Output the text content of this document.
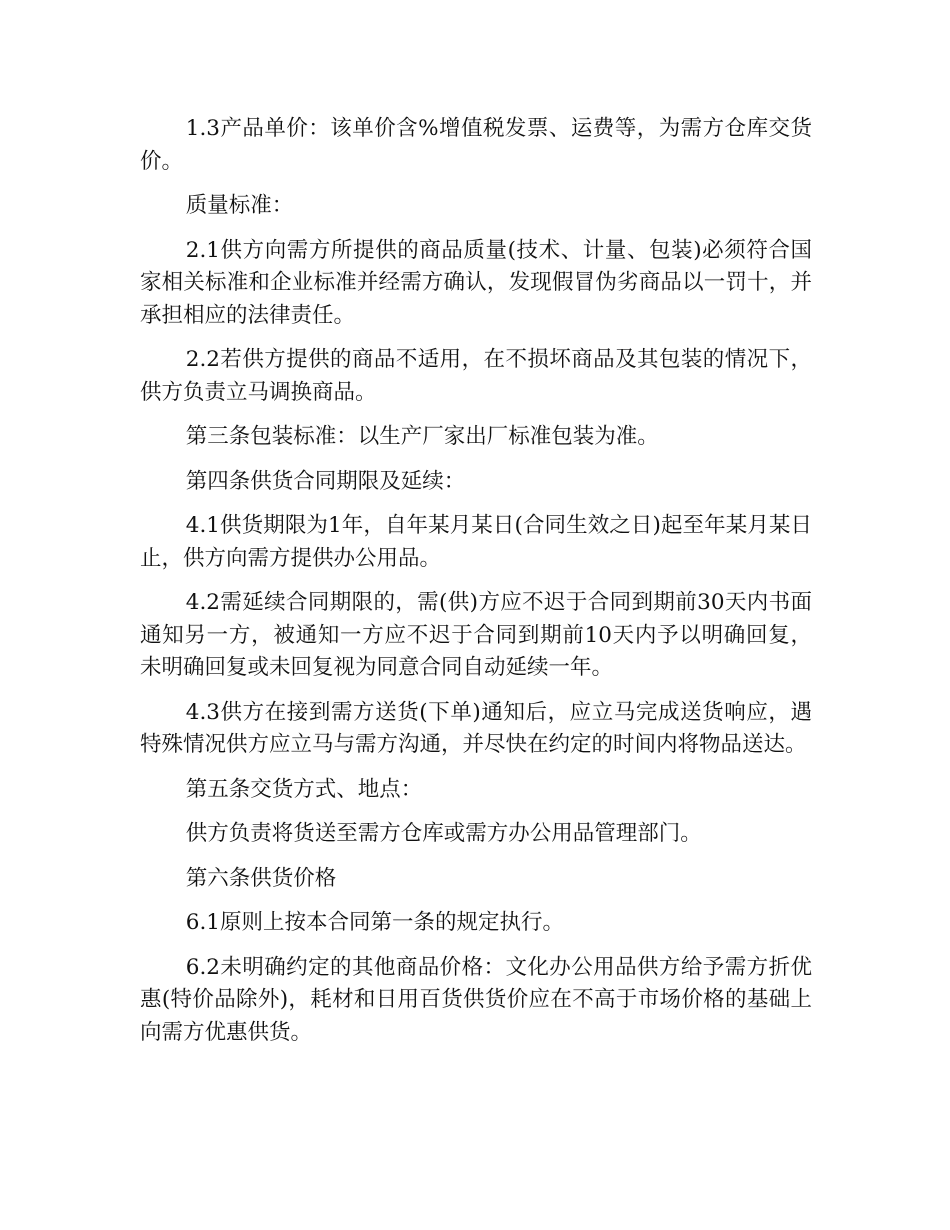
1.3产品单价：该单价含%增值税发票、运费等，为需方仓库交货价。

质量标准：

2.1供方向需方所提供的商品质量(技术、计量、包装)必须符合国家相关标准和企业标准并经需方确认，发现假冒伪劣商品以一罚十，并承担相应的法律责任。

2.2若供方提供的商品不适用，在不损坏商品及其包装的情况下，供方负责立马调换商品。

第三条包装标准：以生产厂家出厂标准包装为准。

第四条供货合同期限及延续：

4.1供货期限为1年，自年某月某日(合同生效之日)起至年某月某日止，供方向需方提供办公用品。

4.2需延续合同期限的，需(供)方应不迟于合同到期前30天内书面通知另一方，被通知一方应不迟于合同到期前10天内予以明确回复，未明确回复或未回复视为同意合同自动延续一年。

4.3供方在接到需方送货(下单)通知后，应立马完成送货响应，遇特殊情况供方应立马与需方沟通，并尽快在约定的时间内将物品送达。

第五条交货方式、地点：

供方负责将货送至需方仓库或需方办公用品管理部门。

第六条供货价格

6.1原则上按本合同第一条的规定执行。

6.2未明确约定的其他商品价格：文化办公用品供方给予需方折优惠(特价品除外)，耗材和日用百货供货价应在不高于市场价格的基础上向需方优惠供货。
